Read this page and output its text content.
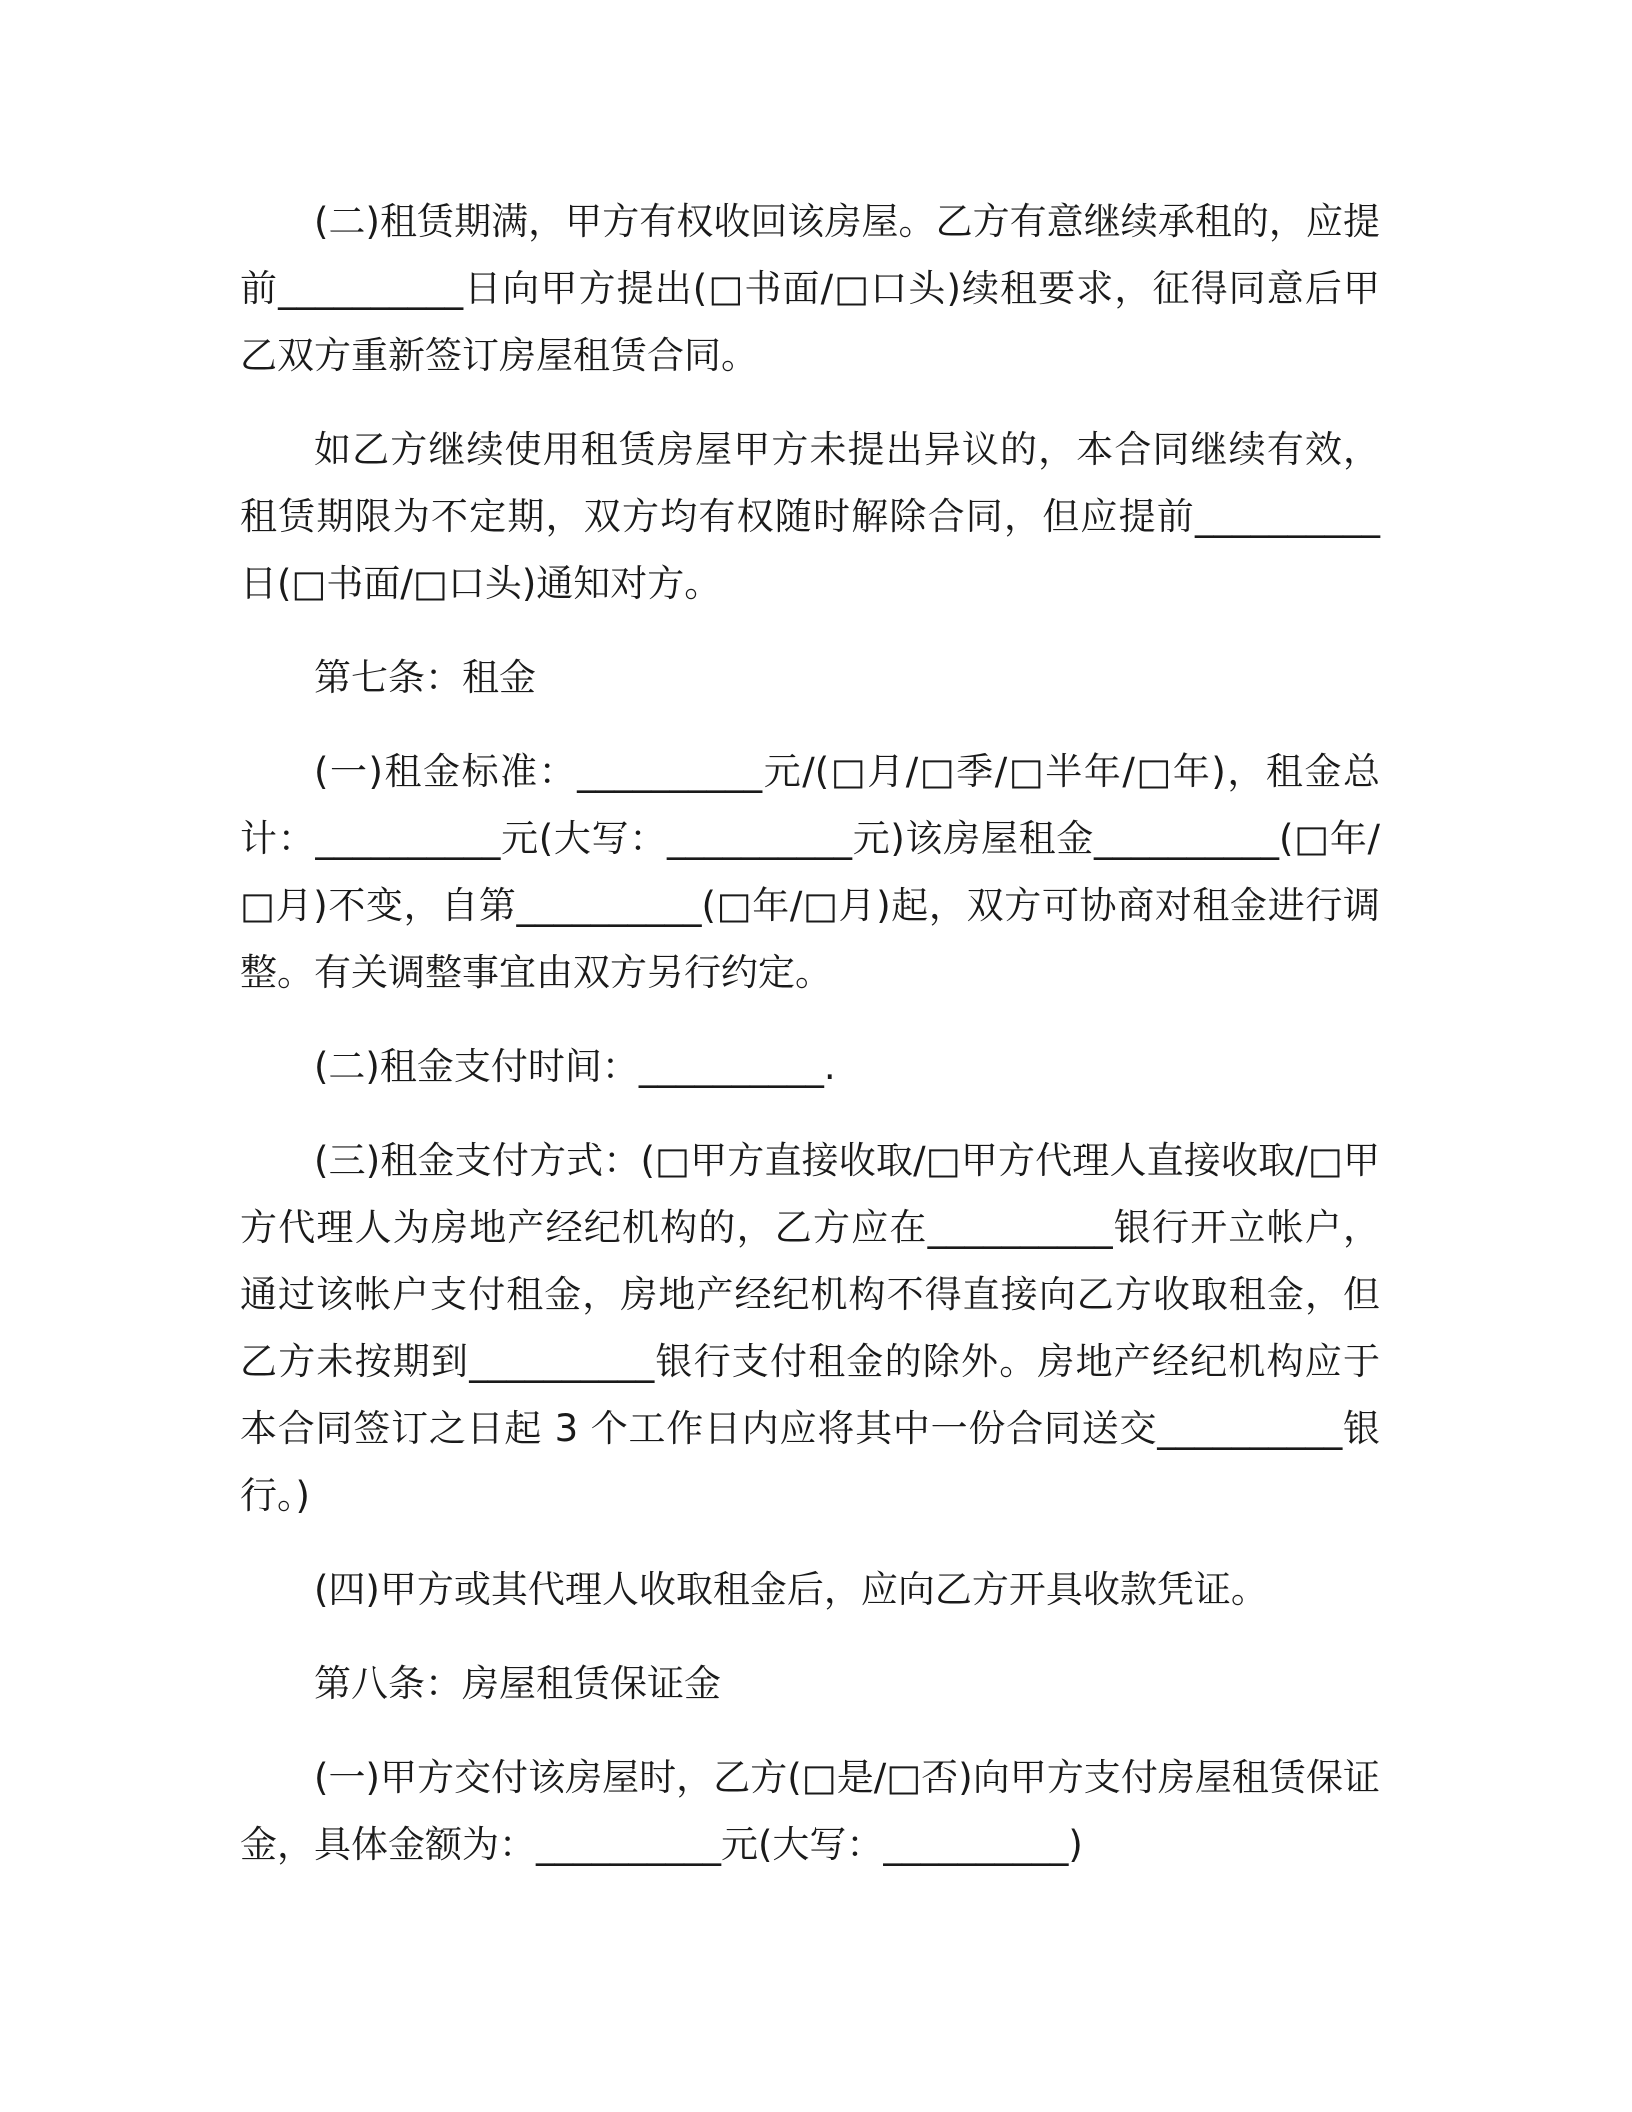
(二)租赁期满，甲方有权收回该房屋。乙方有意继续承租的，应提前__________日向甲方提出(□书面/□口头)续租要求，征得同意后甲乙双方重新签订房屋租赁合同。

如乙方继续使用租赁房屋甲方未提出异议的，本合同继续有效，租赁期限为不定期，双方均有权随时解除合同，但应提前__________日(□书面/□口头)通知对方。

第七条：租金

(一)租金标准：__________元/(□月/□季/□半年/□年)，租金总计：__________元(大写：__________元)该房屋租金__________(□年/□月)不变，自第__________(□年/□月)起，双方可协商对租金进行调整。有关调整事宜由双方另行约定。

(二)租金支付时间：__________.

(三)租金支付方式：(□甲方直接收取/□甲方代理人直接收取/□甲方代理人为房地产经纪机构的，乙方应在__________银行开立帐户，通过该帐户支付租金，房地产经纪机构不得直接向乙方收取租金，但乙方未按期到__________银行支付租金的除外。房地产经纪机构应于本合同签订之日起 3 个工作日内应将其中一份合同送交__________银行。)

(四)甲方或其代理人收取租金后，应向乙方开具收款凭证。

第八条：房屋租赁保证金

(一)甲方交付该房屋时，乙方(□是/□否)向甲方支付房屋租赁保证金，具体金额为：__________元(大写：__________)
